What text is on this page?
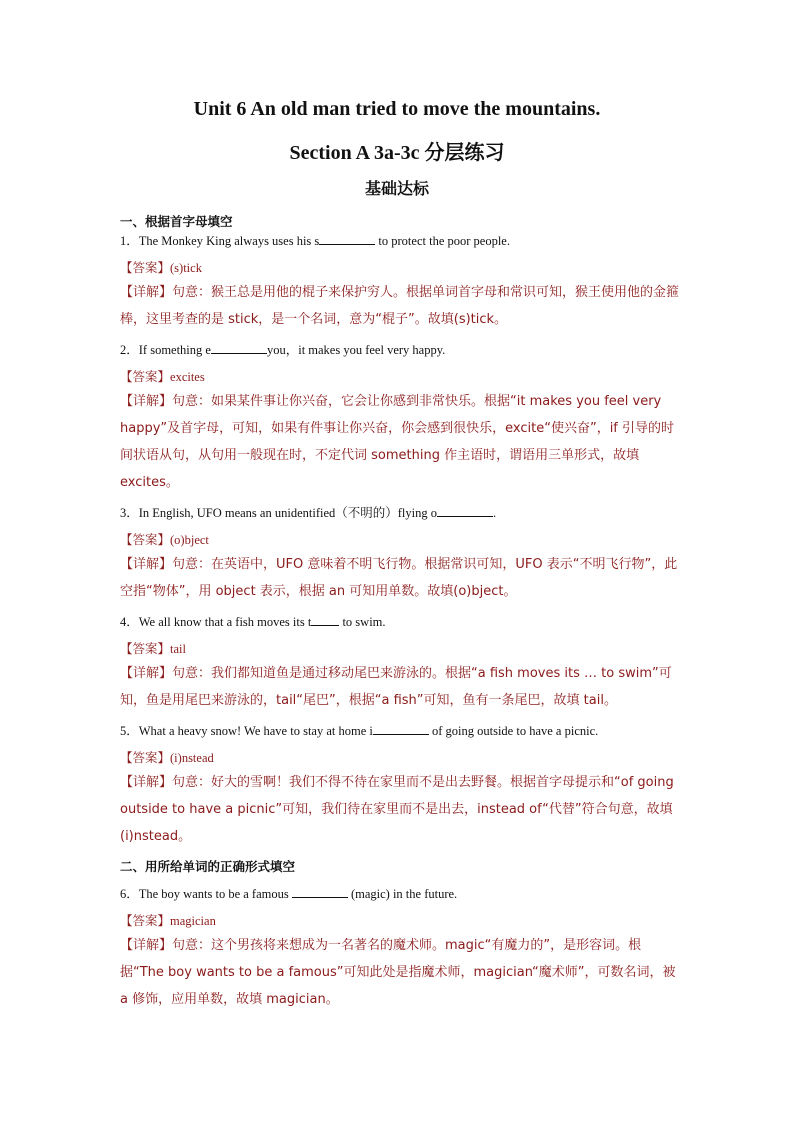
Unit 6 An old man tried to move the mountains.
Section A 3a-3c 分层练习
基础达标
一、根据首字母填空
1．The Monkey King always uses his s	to protect the poor people.
【答案】(s)tick
【详解】句意：猴王总是用他的棍子来保护穷人。根据单词首字母和常识可知，猴王使用他的金箍棒，这里考查的是 stick，是一个名词，意为“棍子”。故填(s)tick。
2．If something e	you，it makes you feel very happy.
【答案】excites
【详解】句意：如果某件事让你兴奋，它会让你感到非常快乐。根据“it makes you feel very happy”及首字母，可知，如果有件事让你兴奋，你会感到很快乐，excite“使兴奋”，if 引导的时间状语从句，从句用一般现在时，不定代词 something 作主语时，谓语用三单形式，故填 excites。
3．In English, UFO means an unidentified（不明的）flying o	.
【答案】(o)bject
【详解】句意：在英语中，UFO 意味着不明飞行物。根据常识可知，UFO 表示“不明飞行物”，此空指“物体”，用 object 表示，根据 an 可知用单数。故填(o)bject。
4．We all know that a fish moves its t to swim.
【答案】tail
【详解】句意：我们都知道鱼是通过移动尾巴来游泳的。根据“a fish moves its … to swim”可知，鱼是用尾巴来游泳的，tail“尾巴”，根据“a fish”可知，鱼有一条尾巴，故填 tail。
5．What a heavy snow! We have to stay at home i	of going outside to have a picnic.
【答案】(i)nstead
【详解】句意：好大的雪啊！我们不得不待在家里而不是出去野餐。根据首字母提示和“of going outside to have a picnic”可知，我们待在家里而不是出去，instead of“代替”符合句意，故填(i)nstead。
二、用所给单词的正确形式填空
6．The boy wants to be a famous	(magic) in the future.
【答案】magician
【详解】句意：这个男孩将来想成为一名著名的魔术师。magic“有魔力的”，是形容词。根据“The boy wants to be a famous”可知此处是指魔术师，magician“魔术师”，可数名词，被 a 修饰，应用单数，故填 magician。
